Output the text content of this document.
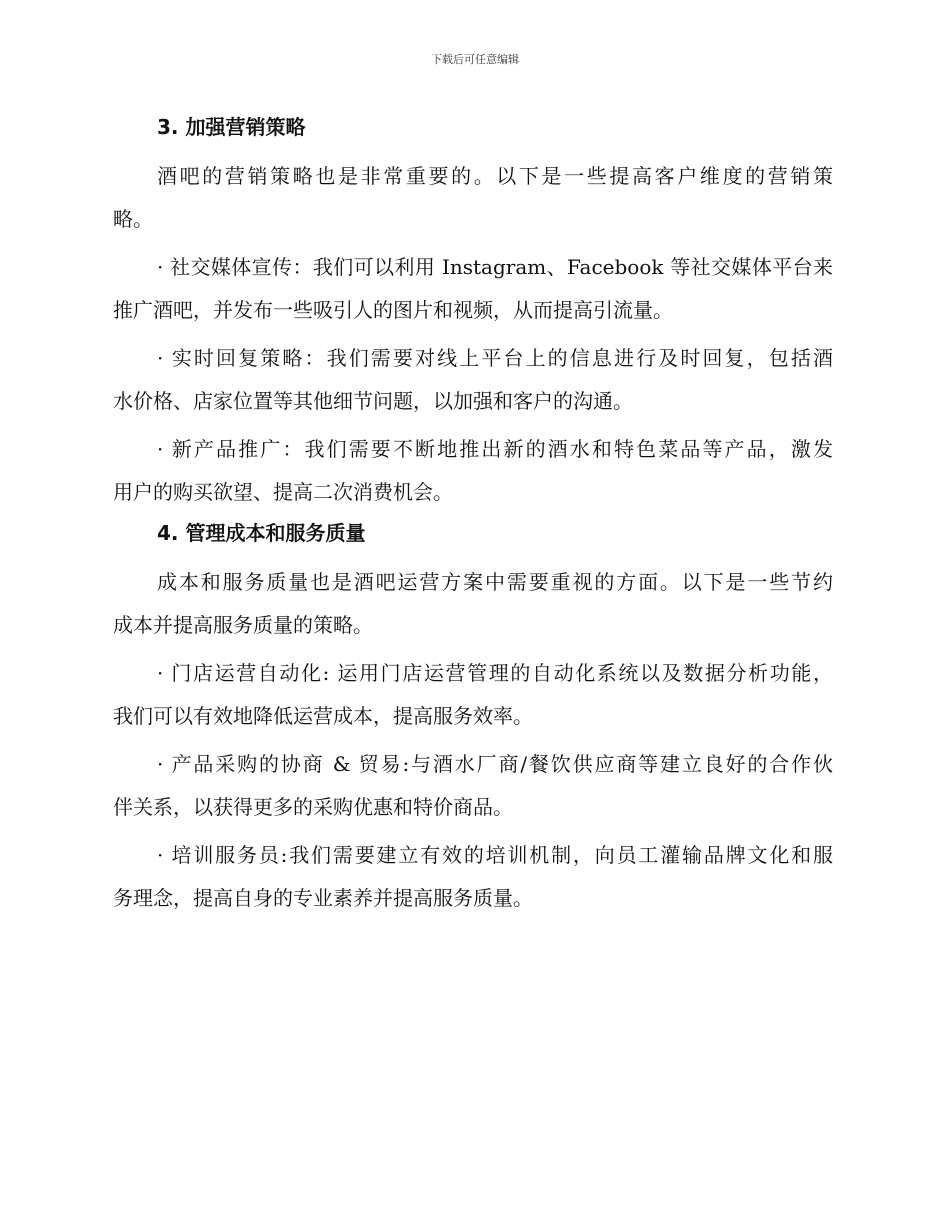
下载后可任意编辑
3. 加强营销策略
酒吧的营销策略也是非常重要的。以下是一些提高客户维度的营销策
略。
· 社交媒体宣传：我们可以利用 Instagram、Facebook 等社交媒体平台来
推广酒吧，并发布一些吸引人的图片和视频，从而提高引流量。
· 实时回复策略：我们需要对线上平台上的信息进行及时回复，包括酒
水价格、店家位置等其他细节问题，以加强和客户的沟通。
· 新产品推广：我们需要不断地推出新的酒水和特色菜品等产品，激发
用户的购买欲望、提高二次消费机会。
4. 管理成本和服务质量
成本和服务质量也是酒吧运营方案中需要重视的方面。以下是一些节约
成本并提高服务质量的策略。
· 门店运营自动化: 运用门店运营管理的自动化系统以及数据分析功能，
我们可以有效地降低运营成本，提高服务效率。
· 产品采购的协商 & 贸易:与酒水厂商/餐饮供应商等建立良好的合作伙
伴关系，以获得更多的采购优惠和特价商品。
· 培训服务员:我们需要建立有效的培训机制，向员工灌输品牌文化和服
务理念，提高自身的专业素养并提高服务质量。
